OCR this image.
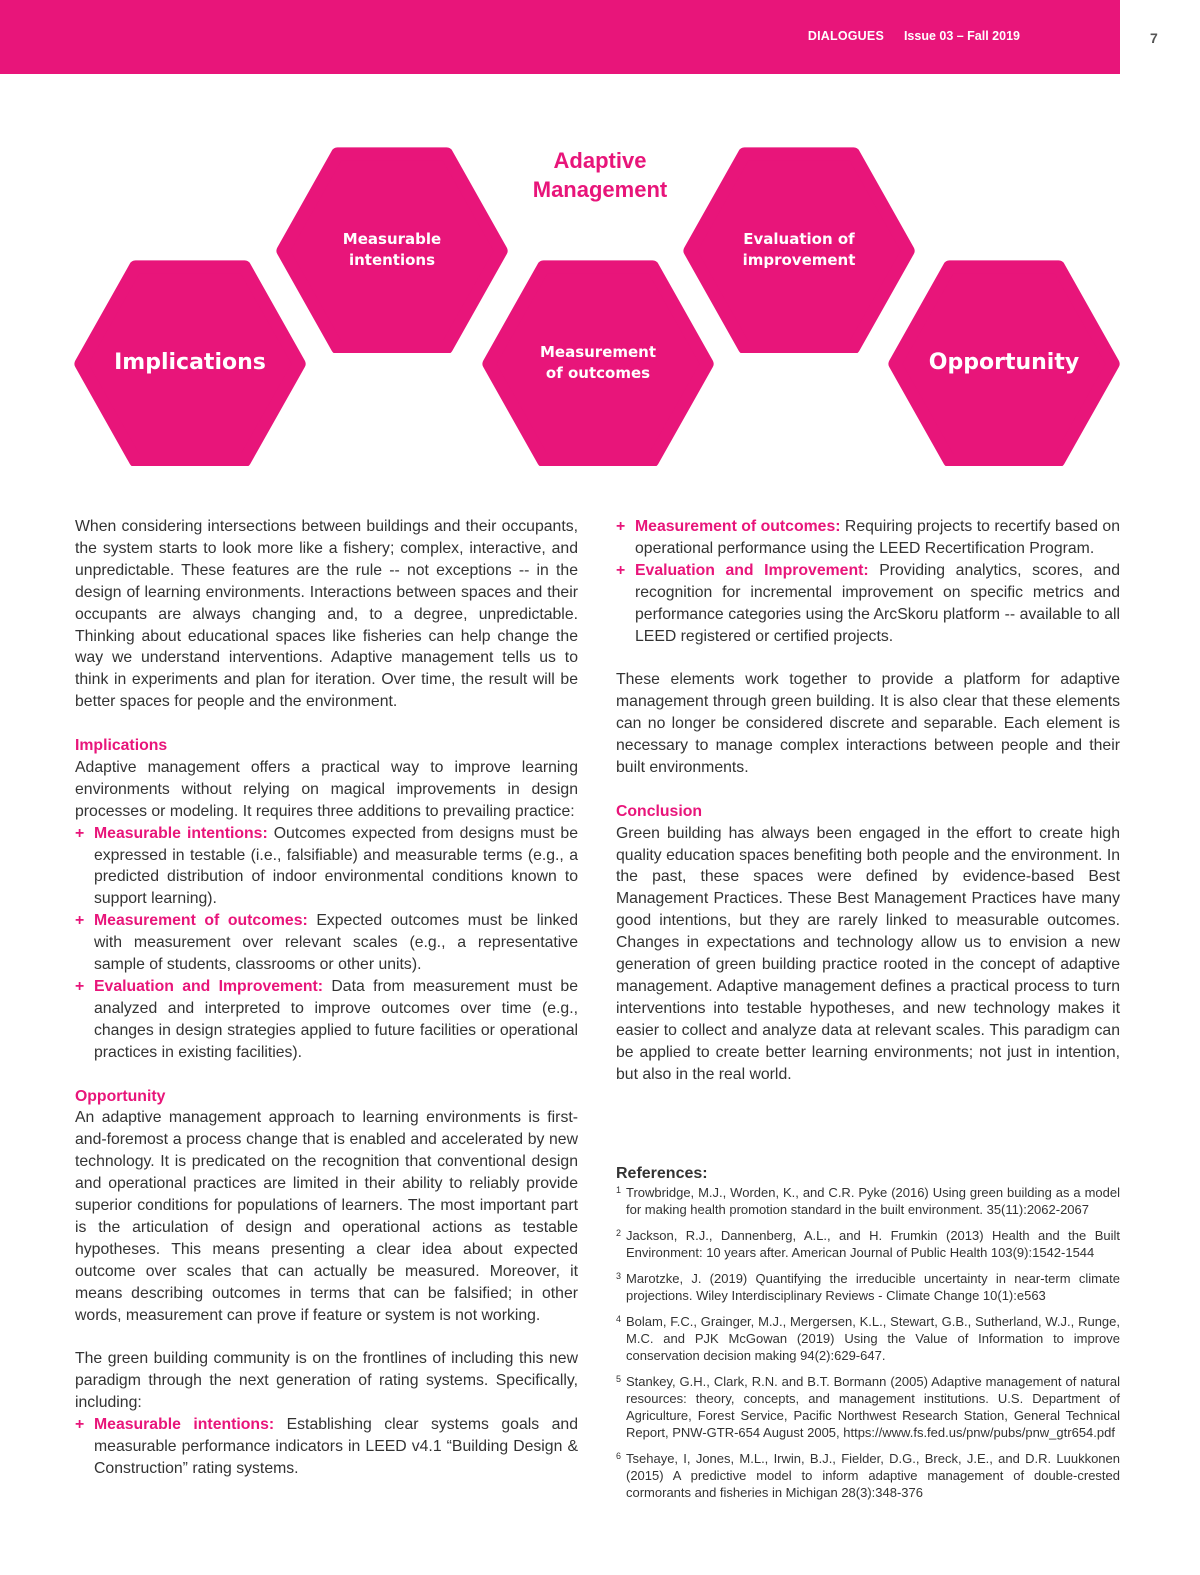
DIALOGUES Issue 03 – Fall 2019	7
Adaptive
Management
Implications
Measurable
intentions
Measurement
of outcomes
Evaluation of
improvement
Opportunity

When considering intersections between buildings and their occupants, the system starts to look more like a fishery; complex, interactive, and unpredictable. These features are the rule -- not exceptions -- in the design of learning environments. Interactions between spaces and their occupants are always changing and, to a degree, unpredictable. Thinking about educational spaces like fisheries can help change the way we understand interventions. Adaptive management tells us to think in experiments and plan for iteration. Over time, the result will be better spaces for people and the environment.

Implications

Adaptive management offers a practical way to improve learning environments without relying on magical improvements in design processes or modeling. It requires three additions to prevailing practice:

+ Measurable intentions: Outcomes expected from designs must be expressed in testable (i.e., falsifiable) and measurable terms (e.g., a predicted distribution of indoor environmental conditions known to support learning).
+ Measurement of outcomes: Expected outcomes must be linked with measurement over relevant scales (e.g., a representative sample of students, classrooms or other units).
+ Evaluation and Improvement: Data from measurement must be analyzed and interpreted to improve outcomes over time (e.g., changes in design strategies applied to future facilities or operational practices in existing facilities).

Opportunity

An adaptive management approach to learning environments is first-and-foremost a process change that is enabled and accelerated by new technology. It is predicated on the recognition that conventional design and operational practices are limited in their ability to reliably provide superior conditions for populations of learners. The most important part is the articulation of design and operational actions as testable hypotheses. This means presenting a clear idea about expected outcome over scales that can actually be measured. Moreover, it means describing outcomes in terms that can be falsified; in other words, measurement can prove if feature or system is not working.

The green building community is on the frontlines of including this new paradigm through the next generation of rating systems. Specifically, including:

+ Measurable intentions: Establishing clear systems goals and measurable performance indicators in LEED v4.1 “Building Design & Construction” rating systems.
+ Measurement of outcomes: Requiring projects to recertify based on operational performance using the LEED Recertification Program.
+ Evaluation and Improvement: Providing analytics, scores, and recognition for incremental improvement on specific metrics and performance categories using the ArcSkoru platform -- available to all LEED registered or certified projects.

These elements work together to provide a platform for adaptive management through green building. It is also clear that these elements can no longer be considered discrete and separable. Each element is necessary to manage complex interactions between people and their built environments.

Conclusion

Green building has always been engaged in the effort to create high quality education spaces benefiting both people and the environment. In the past, these spaces were defined by evidence-based Best Management Practices. These Best Management Practices have many good intentions, but they are rarely linked to measurable outcomes. Changes in expectations and technology allow us to envision a new generation of green building practice rooted in the concept of adaptive management. Adaptive management defines a practical process to turn interventions into testable hypotheses, and new technology makes it easier to collect and analyze data at relevant scales. This paradigm can be applied to create better learning environments; not just in intention, but also in the real world.

References:

1 Trowbridge, M.J., Worden, K., and C.R. Pyke (2016) Using green building as a model for making health promotion standard in the built environment. 35(11):2062-2067
2 Jackson, R.J., Dannenberg, A.L., and H. Frumkin (2013) Health and the Built Environment: 10 years after. American Journal of Public Health 103(9):1542-1544
3 Marotzke, J. (2019) Quantifying the irreducible uncertainty in near-term climate projections. Wiley Interdisciplinary Reviews - Climate Change 10(1):e563
4 Bolam, F.C., Grainger, M.J., Mergersen, K.L., Stewart, G.B., Sutherland, W.J., Runge, M.C. and PJK McGowan (2019) Using the Value of Information to improve conservation decision making 94(2):629-647.
5 Stankey, G.H., Clark, R.N. and B.T. Bormann (2005) Adaptive management of natural resources: theory, concepts, and management institutions. U.S. Department of Agriculture, Forest Service, Pacific Northwest Research Station, General Technical Report, PNW-GTR-654 August 2005, https://www.fs.fed.us/pnw/pubs/pnw_gtr654.pdf
6 Tsehaye, I, Jones, M.L., Irwin, B.J., Fielder, D.G., Breck, J.E., and D.R. Luukkonen (2015) A predictive model to inform adaptive management of double-crested cormorants and fisheries in Michigan 28(3):348-376
